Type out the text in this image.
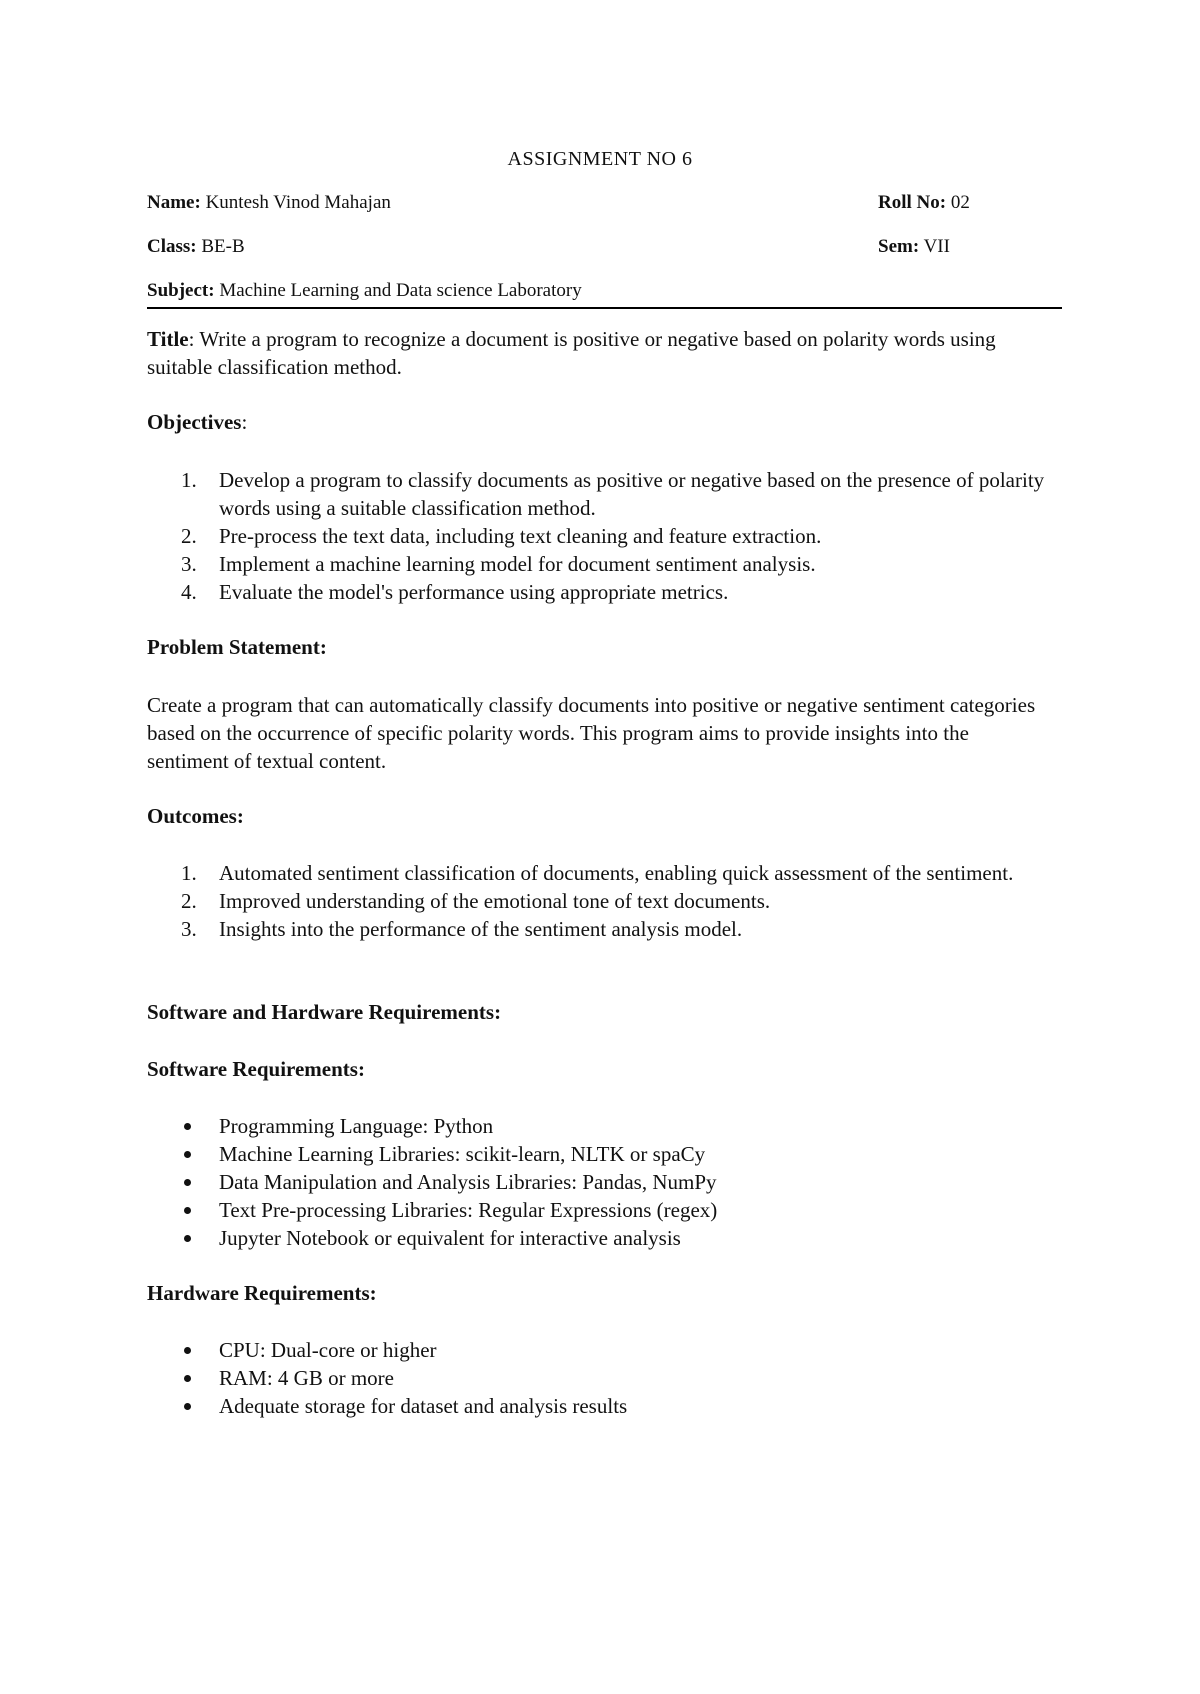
ASSIGNMENT NO 6
Name: Kuntesh Vinod Mahajan	Roll No: 02
Class: BE-B	Sem: VII
Subject: Machine Learning and Data science Laboratory
Title: Write a program to recognize a document is positive or negative based on polarity words using suitable classification method.
Objectives:
1. Develop a program to classify documents as positive or negative based on the presence of polarity words using a suitable classification method.
2. Pre-process the text data, including text cleaning and feature extraction.
3. Implement a machine learning model for document sentiment analysis.
4. Evaluate the model's performance using appropriate metrics.
Problem Statement:
Create a program that can automatically classify documents into positive or negative sentiment categories based on the occurrence of specific polarity words. This program aims to provide insights into the sentiment of textual content.
Outcomes:
1. Automated sentiment classification of documents, enabling quick assessment of the sentiment.
2. Improved understanding of the emotional tone of text documents.
3. Insights into the performance of the sentiment analysis model.
Software and Hardware Requirements:
Software Requirements:
Programming Language: Python
Machine Learning Libraries: scikit-learn, NLTK or spaCy
Data Manipulation and Analysis Libraries: Pandas, NumPy
Text Pre-processing Libraries: Regular Expressions (regex)
Jupyter Notebook or equivalent for interactive analysis
Hardware Requirements:
CPU: Dual-core or higher
RAM: 4 GB or more
Adequate storage for dataset and analysis results
